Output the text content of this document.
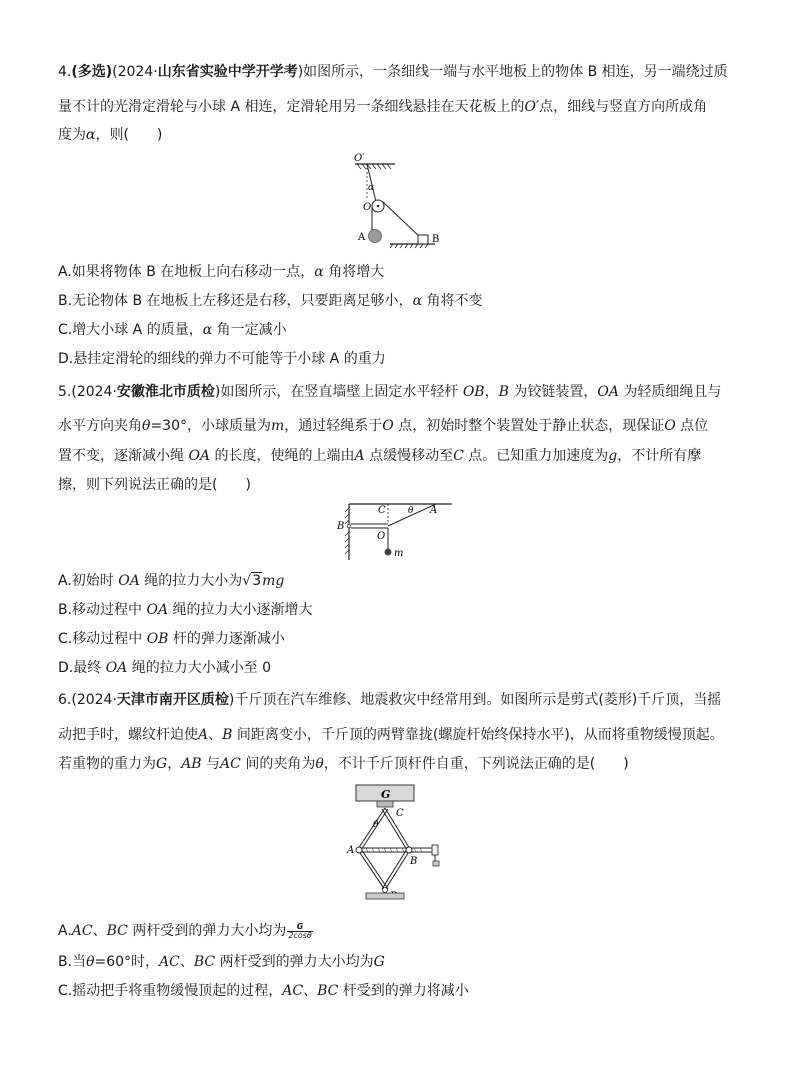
4.(多选)(2024·山东省实验中学开学考)如图所示，一条细线一端与水平地板上的物体 B 相连，另一端绕过质
量不计的光滑定滑轮与小球 A 相连，定滑轮用另一条细线悬挂在天花板上的O′点，细线与竖直方向所成角
度为α，则(　　)
O′
α
O
A	B
A.如果将物体 B 在地板上向右移动一点，α 角将增大
B.无论物体 B 在地板上左移还是右移，只要距离足够小，α 角将不变
C.增大小球 A 的质量，α 角一定减小
D.悬挂定滑轮的细线的弹力不可能等于小球 A 的重力
5.(2024·安徽淮北市质检)如图所示，在竖直墙壁上固定水平轻杆 OB，B 为铰链装置，OA 为轻质细绳且与
水平方向夹角θ=30°，小球质量为m，通过轻绳系于O 点，初始时整个装置处于静止状态，现保证O 点位
置不变，逐渐减小绳 OA 的长度，使绳的上端由A 点缓慢移动至C 点。已知重力加速度为g，不计所有摩
擦，则下列说法正确的是(　　)
B
C θ A
O
m
A.初始时 OA 绳的拉力大小为√3mg
B.移动过程中 OA 绳的拉力大小逐渐增大
C.移动过程中 OB 杆的弹力逐渐减小
D.最终 OA 绳的拉力大小减小至 0
6.(2024·天津市南开区质检)千斤顶在汽车维修、地震救灾中经常用到。如图所示是剪式(菱形)千斤顶，当摇
动把手时，螺纹杆迫使A、B 间距离变小，千斤顶的两臂靠拢(螺旋杆始终保持水平)，从而将重物缓慢顶起。
若重物的重力为G，AB 与AC 间的夹角为θ，不计千斤顶杆件自重，下列说法正确的是(　　)
G
C
θ
A
B
A.AC、BC 两杆受到的弹力大小均为 $\frac{G}{2\cos\theta}$
B.当θ=60°时，AC、BC 两杆受到的弹力大小均为G
C.摇动把手将重物缓慢顶起的过程，AC、BC 杆受到的弹力将减小
